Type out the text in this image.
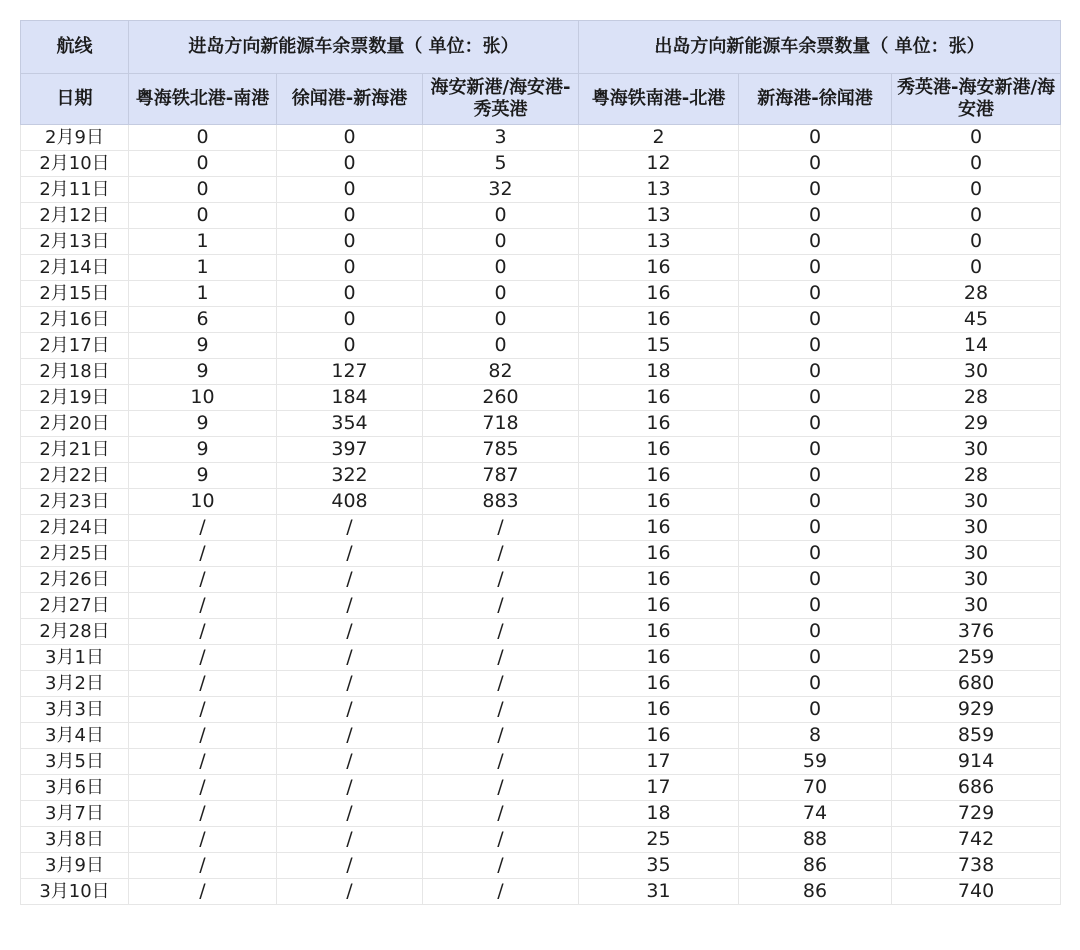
航线	进岛方向新能源车余票数量（ 单位：张）			出岛方向新能源车余票数量（ 单位：张）		
日期	粤海铁北港-南港	徐闻港-新海港	海安新港/海安港-秀英港	粤海铁南港-北港	新海港-徐闻港	秀英港-海安新港/海安港
2月9日	0	0	3	2	0	0
2月10日	0	0	5	12	0	0
2月11日	0	0	32	13	0	0
2月12日	0	0	0	13	0	0
2月13日	1	0	0	13	0	0
2月14日	1	0	0	16	0	0
2月15日	1	0	0	16	0	28
2月16日	6	0	0	16	0	45
2月17日	9	0	0	15	0	14
2月18日	9	127	82	18	0	30
2月19日	10	184	260	16	0	28
2月20日	9	354	718	16	0	29
2月21日	9	397	785	16	0	30
2月22日	9	322	787	16	0	28
2月23日	10	408	883	16	0	30
2月24日	/	/	/	16	0	30
2月25日	/	/	/	16	0	30
2月26日	/	/	/	16	0	30
2月27日	/	/	/	16	0	30
2月28日	/	/	/	16	0	376
3月1日	/	/	/	16	0	259
3月2日	/	/	/	16	0	680
3月3日	/	/	/	16	0	929
3月4日	/	/	/	16	8	859
3月5日	/	/	/	17	59	914
3月6日	/	/	/	17	70	686
3月7日	/	/	/	18	74	729
3月8日	/	/	/	25	88	742
3月9日	/	/	/	35	86	738
3月10日	/	/	/	31	86	740
